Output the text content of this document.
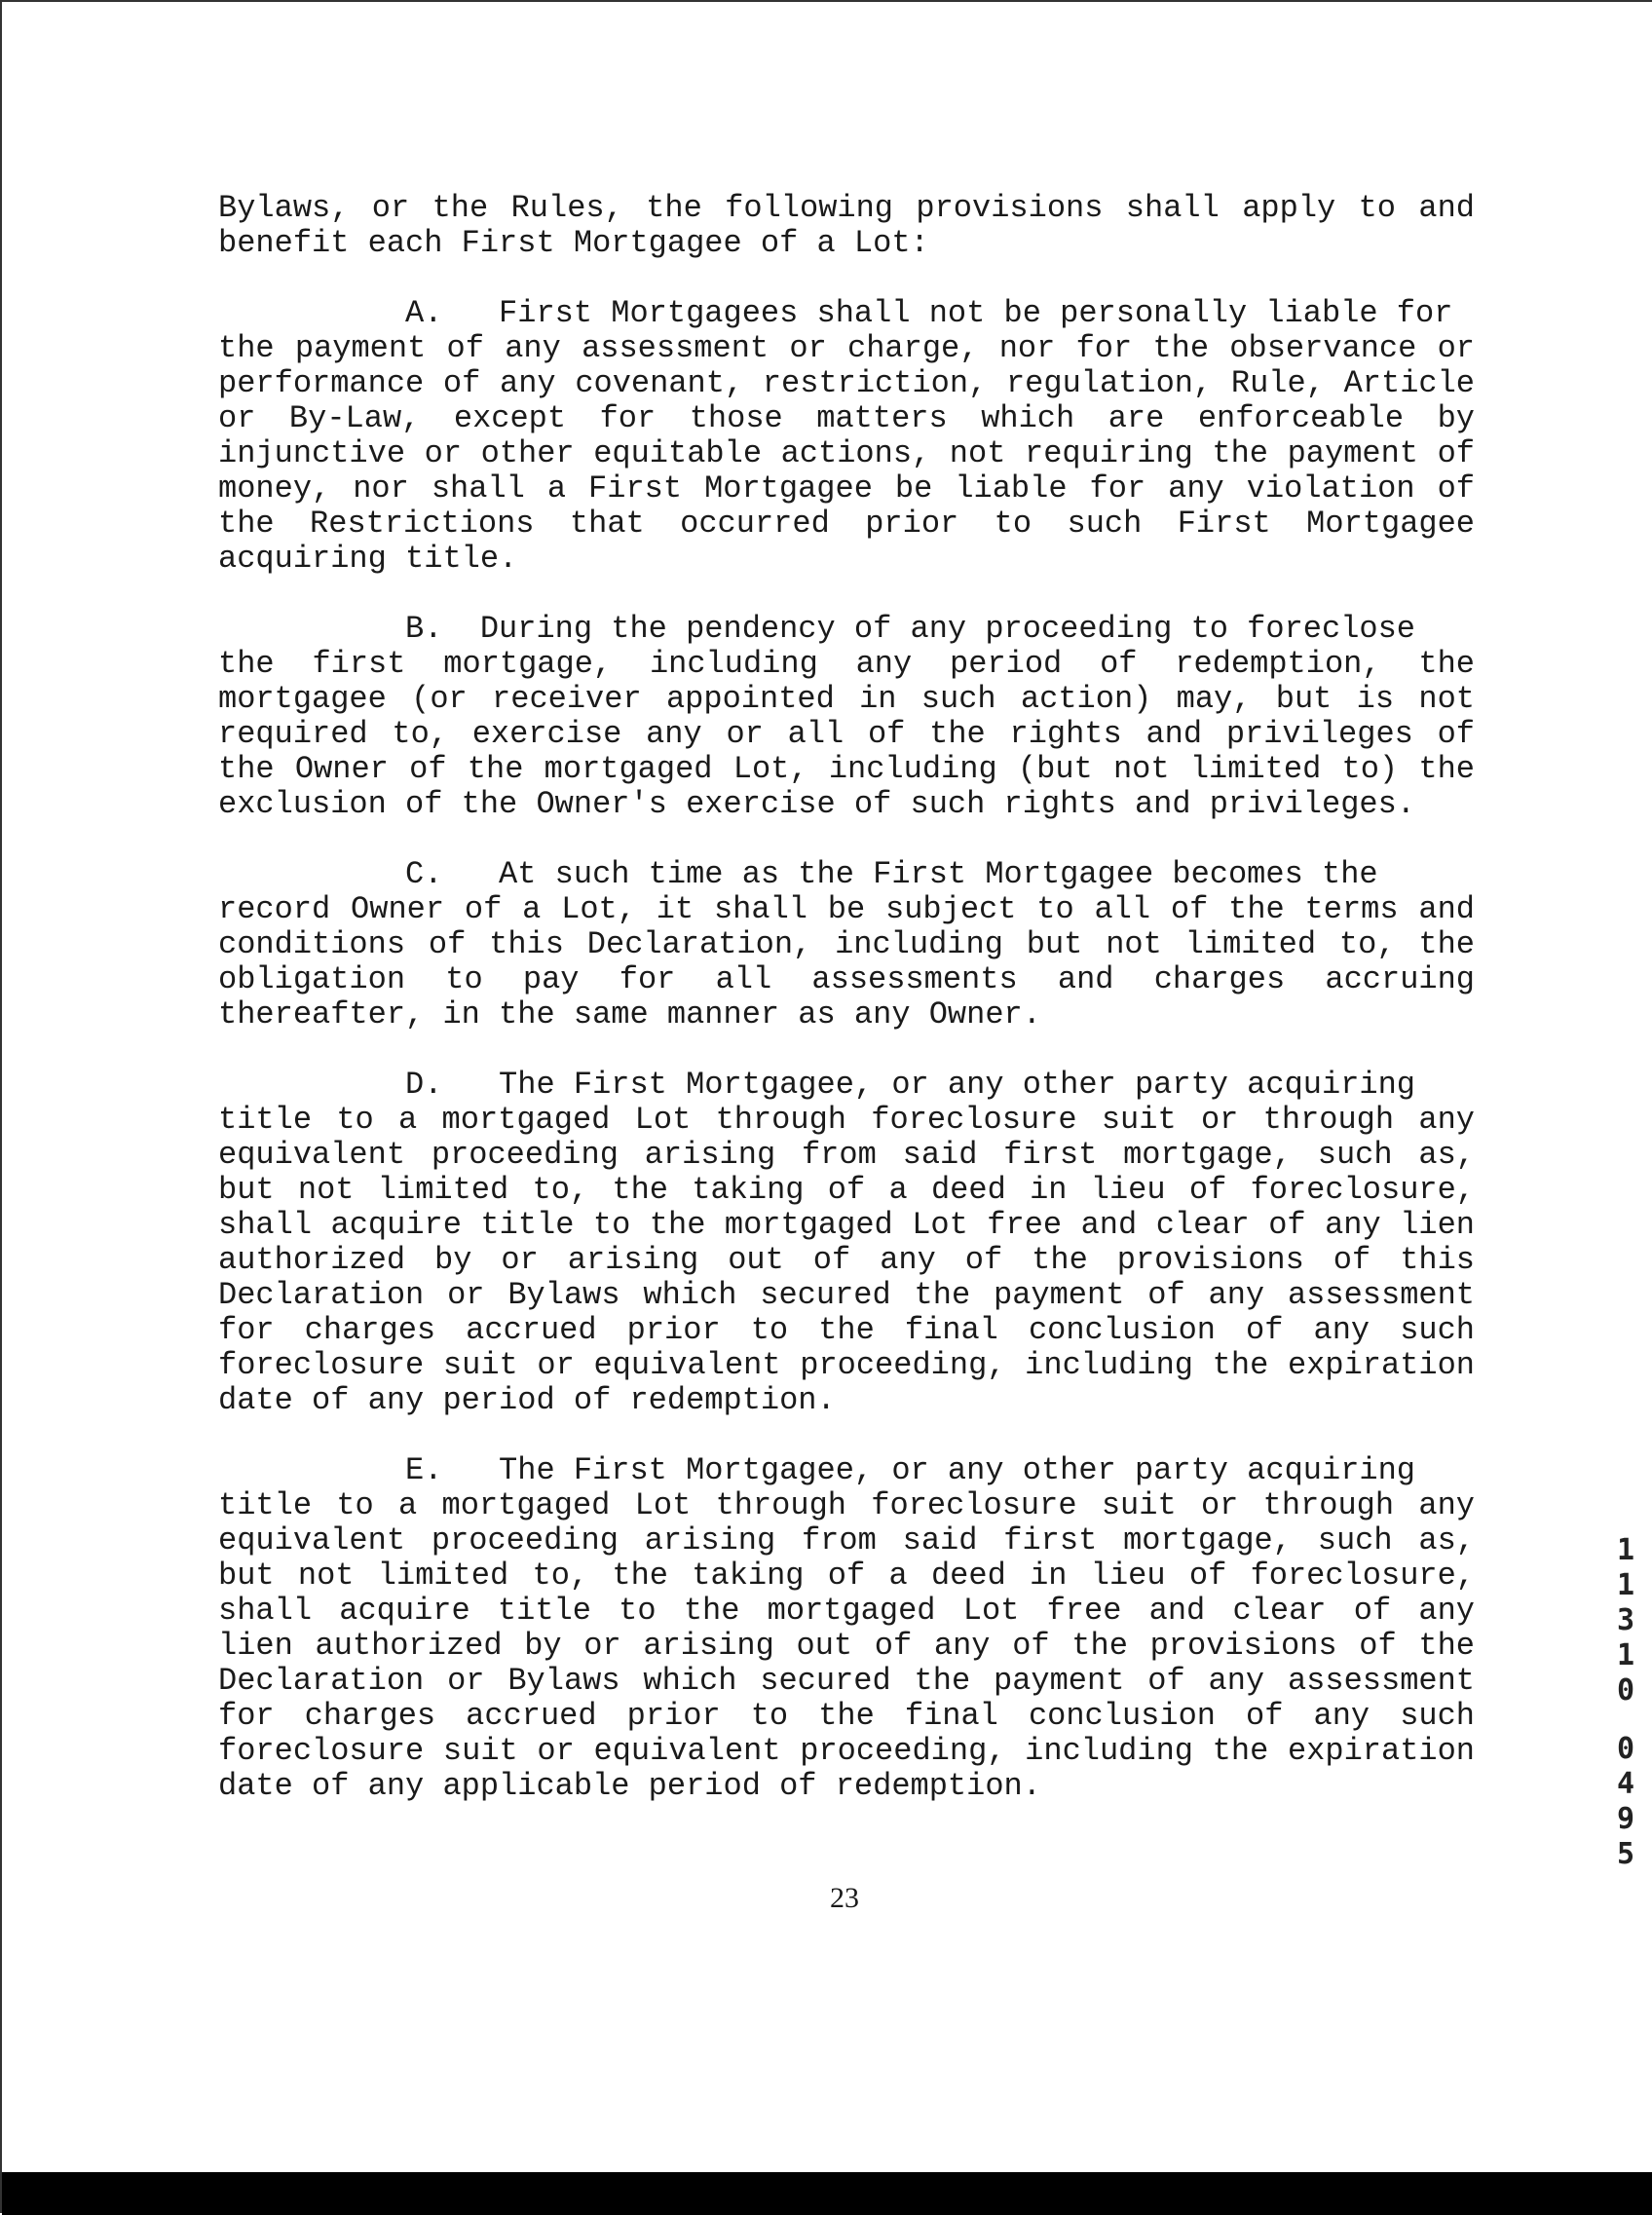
Bylaws, or the Rules, the following provisions shall apply to and
benefit each First Mortgagee of a Lot:
A.   First Mortgagees shall not be personally liable for
the payment of any assessment or charge, nor for the observance or
performance of any covenant, restriction, regulation, Rule, Article
or By-Law, except for those matters which are enforceable by
injunctive or other equitable actions, not requiring the payment of
money, nor shall a First Mortgagee be liable for any violation of
the Restrictions that occurred prior to such First Mortgagee
acquiring title.
B.  During the pendency of any proceeding to foreclose
the first mortgage, including any period of redemption, the
mortgagee (or receiver appointed in such action) may, but is not
required to, exercise any or all of the rights and privileges of
the Owner of the mortgaged Lot, including (but not limited to) the
exclusion of the Owner's exercise of such rights and privileges.
C.   At such time as the First Mortgagee becomes the
record Owner of a Lot, it shall be subject to all of the terms and
conditions of this Declaration, including but not limited to, the
obligation to pay for all assessments and charges accruing
thereafter, in the same manner as any Owner.
D.   The First Mortgagee, or any other party acquiring
title to a mortgaged Lot through foreclosure suit or through any
equivalent proceeding arising from said first mortgage, such as,
but not limited to, the taking of a deed in lieu of foreclosure,
shall acquire title to the mortgaged Lot free and clear of any lien
authorized by or arising out of any of the provisions of this
Declaration or Bylaws which secured the payment of any assessment
for charges accrued prior to the final conclusion of any such
foreclosure suit or equivalent proceeding, including the expiration
date of any period of redemption.
E.   The First Mortgagee, or any other party acquiring
title to a mortgaged Lot through foreclosure suit or through any
equivalent proceeding arising from said first mortgage, such as,
but not limited to, the taking of a deed in lieu of foreclosure,
shall acquire title to the mortgaged Lot free and clear of any
lien authorized by or arising out of any of the provisions of the
Declaration or Bylaws which secured the payment of any assessment
for charges accrued prior to the final conclusion of any such
foreclosure suit or equivalent proceeding, including the expiration
date of any applicable period of redemption.
23
1
1
3
1
0
0
4
9
5
